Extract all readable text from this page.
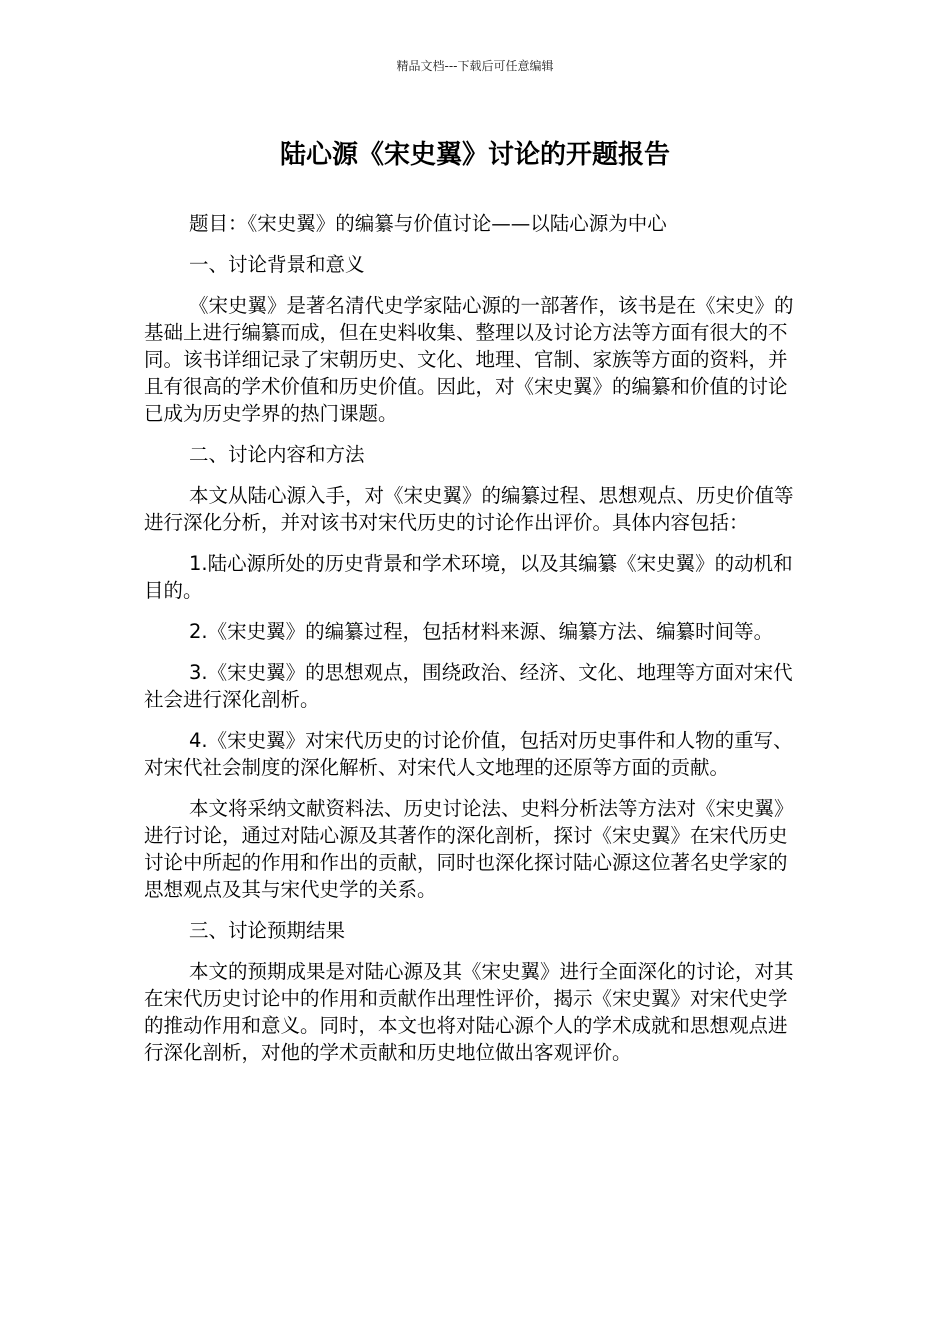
精品文档---下载后可任意编辑
陆心源《宋史翼》讨论的开题报告

题目：《宋史翼》的编纂与价值讨论——以陆心源为中心

一、讨论背景和意义

《宋史翼》是著名清代史学家陆心源的一部著作，该书是在《宋史》的基础上进行编纂而成，但在史料收集、整理以及讨论方法等方面有很大的不同。该书详细记录了宋朝历史、文化、地理、官制、家族等方面的资料，并且有很高的学术价值和历史价值。因此，对《宋史翼》的编纂和价值的讨论已成为历史学界的热门课题。

二、讨论内容和方法

本文从陆心源入手，对《宋史翼》的编纂过程、思想观点、历史价值等进行深化分析，并对该书对宋代历史的讨论作出评价。具体内容包括：

1.陆心源所处的历史背景和学术环境，以及其编纂《宋史翼》的动机和目的。

2.《宋史翼》的编纂过程，包括材料来源、编纂方法、编纂时间等。

3.《宋史翼》的思想观点，围绕政治、经济、文化、地理等方面对宋代社会进行深化剖析。

4.《宋史翼》对宋代历史的讨论价值，包括对历史事件和人物的重写、对宋代社会制度的深化解析、对宋代人文地理的还原等方面的贡献。

本文将采纳文献资料法、历史讨论法、史料分析法等方法对《宋史翼》进行讨论，通过对陆心源及其著作的深化剖析，探讨《宋史翼》在宋代历史讨论中所起的作用和作出的贡献，同时也深化探讨陆心源这位著名史学家的思想观点及其与宋代史学的关系。

三、讨论预期结果

本文的预期成果是对陆心源及其《宋史翼》进行全面深化的讨论，对其在宋代历史讨论中的作用和贡献作出理性评价，揭示《宋史翼》对宋代史学的推动作用和意义。同时，本文也将对陆心源个人的学术成就和思想观点进行深化剖析，对他的学术贡献和历史地位做出客观评价。
